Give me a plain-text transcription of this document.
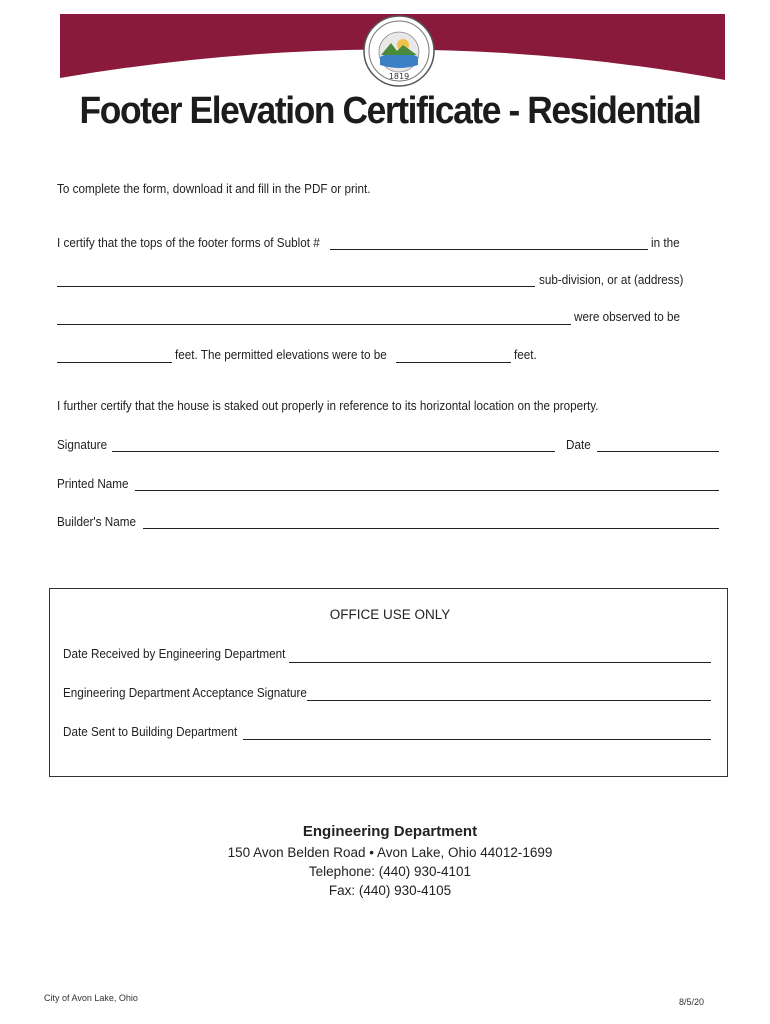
1819
Footer Elevation Certificate - Residential
To complete the form, download it and fill in the PDF or print.
I certify that the tops of the footer forms of Sublot #	in the
sub-division, or at (address)
were observed to be
feet. The permitted elevations were to be	feet.
I further certify that the house is staked out properly in reference to its horizontal location on the property.
Signature	Date
Printed Name
Builder's Name
OFFICE USE ONLY
Date Received by Engineering Department
Engineering Department Acceptance Signature
Date Sent to Building Department
Engineering Department
150 Avon Belden Road • Avon Lake, Ohio 44012-1699
Telephone: (440) 930-4101
Fax: (440) 930-4105
City of Avon Lake, Ohio	8/5/20
